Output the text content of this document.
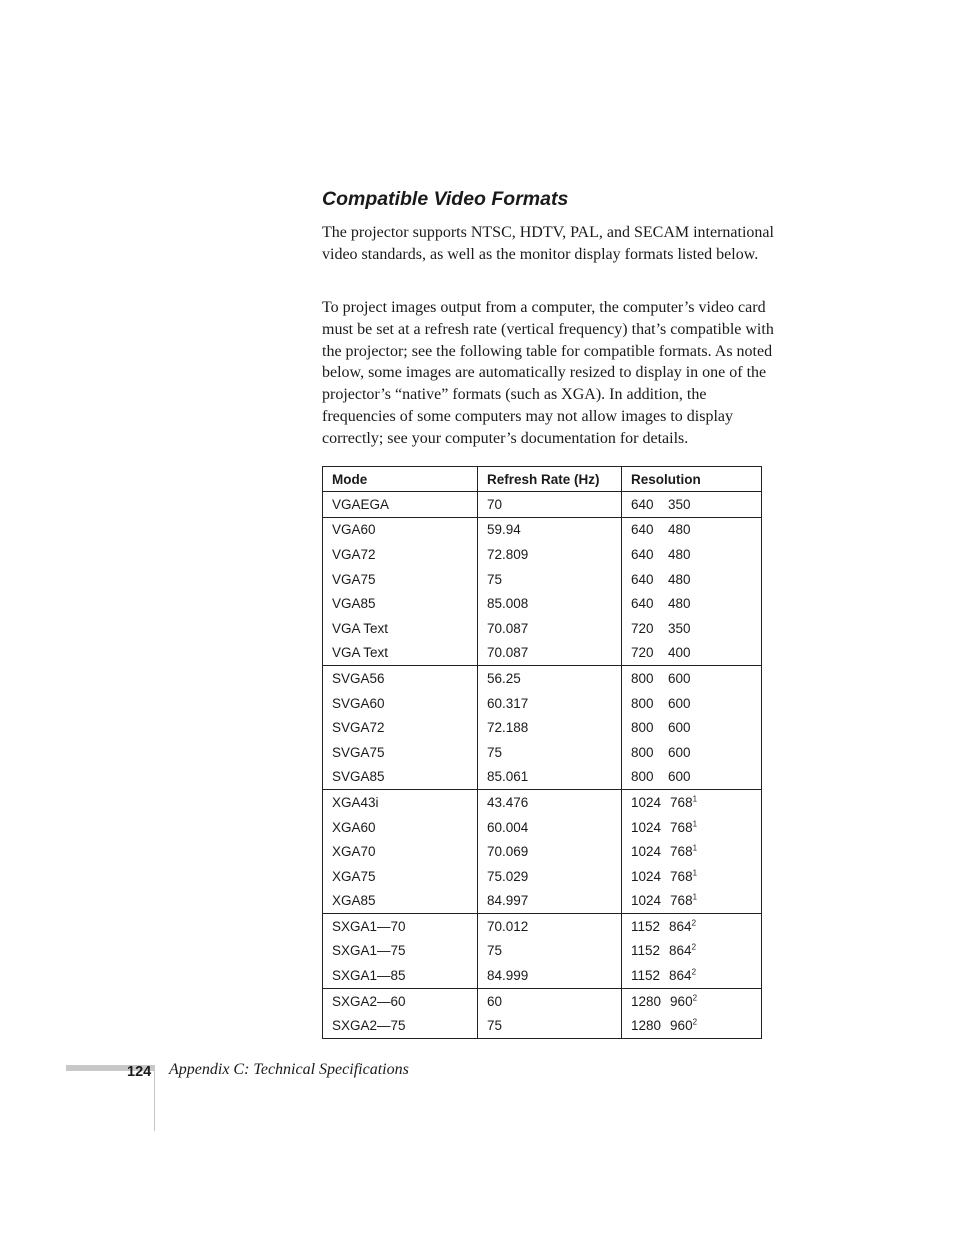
Compatible Video Formats

The projector supports NTSC, HDTV, PAL, and SECAM international video standards, as well as the monitor display formats listed below.

To project images output from a computer, the computer’s video card must be set at a refresh rate (vertical frequency) that’s compatible with the projector; see the following table for compatible formats. As noted below, some images are automatically resized to display in one of the projector’s “native” formats (such as XGA). In addition, the frequencies of some computers may not allow images to display correctly; see your computer’s documentation for details.

Mode	Refresh Rate (Hz)	Resolution
VGAEGA	70	640 350
VGA60	59.94	640 480
VGA72	72.809	640 480
VGA75	75	640 480
VGA85	85.008	640 480
VGA Text	70.087	720 350
VGA Text	70.087	720 400
SVGA56	56.25	800 600
SVGA60	60.317	800 600
SVGA72	72.188	800 600
SVGA75	75	800 600
SVGA85	85.061	800 600
XGA43i	43.476	1024 768$^1$
XGA60	60.004	1024 768$^1$
XGA70	70.069	1024 768$^1$
XGA75	75.029	1024 768$^1$
XGA85	84.997	1024 768$^1$
SXGA1—70	70.012	1152 864$^2$
SXGA1—75	75	1152 864$^2$
SXGA1—85	84.999	1152 864$^2$
SXGA2—60	60	1280 960$^2$
SXGA2—75	75	1280 960$^2$
124 Appendix C: Technical Specifications
